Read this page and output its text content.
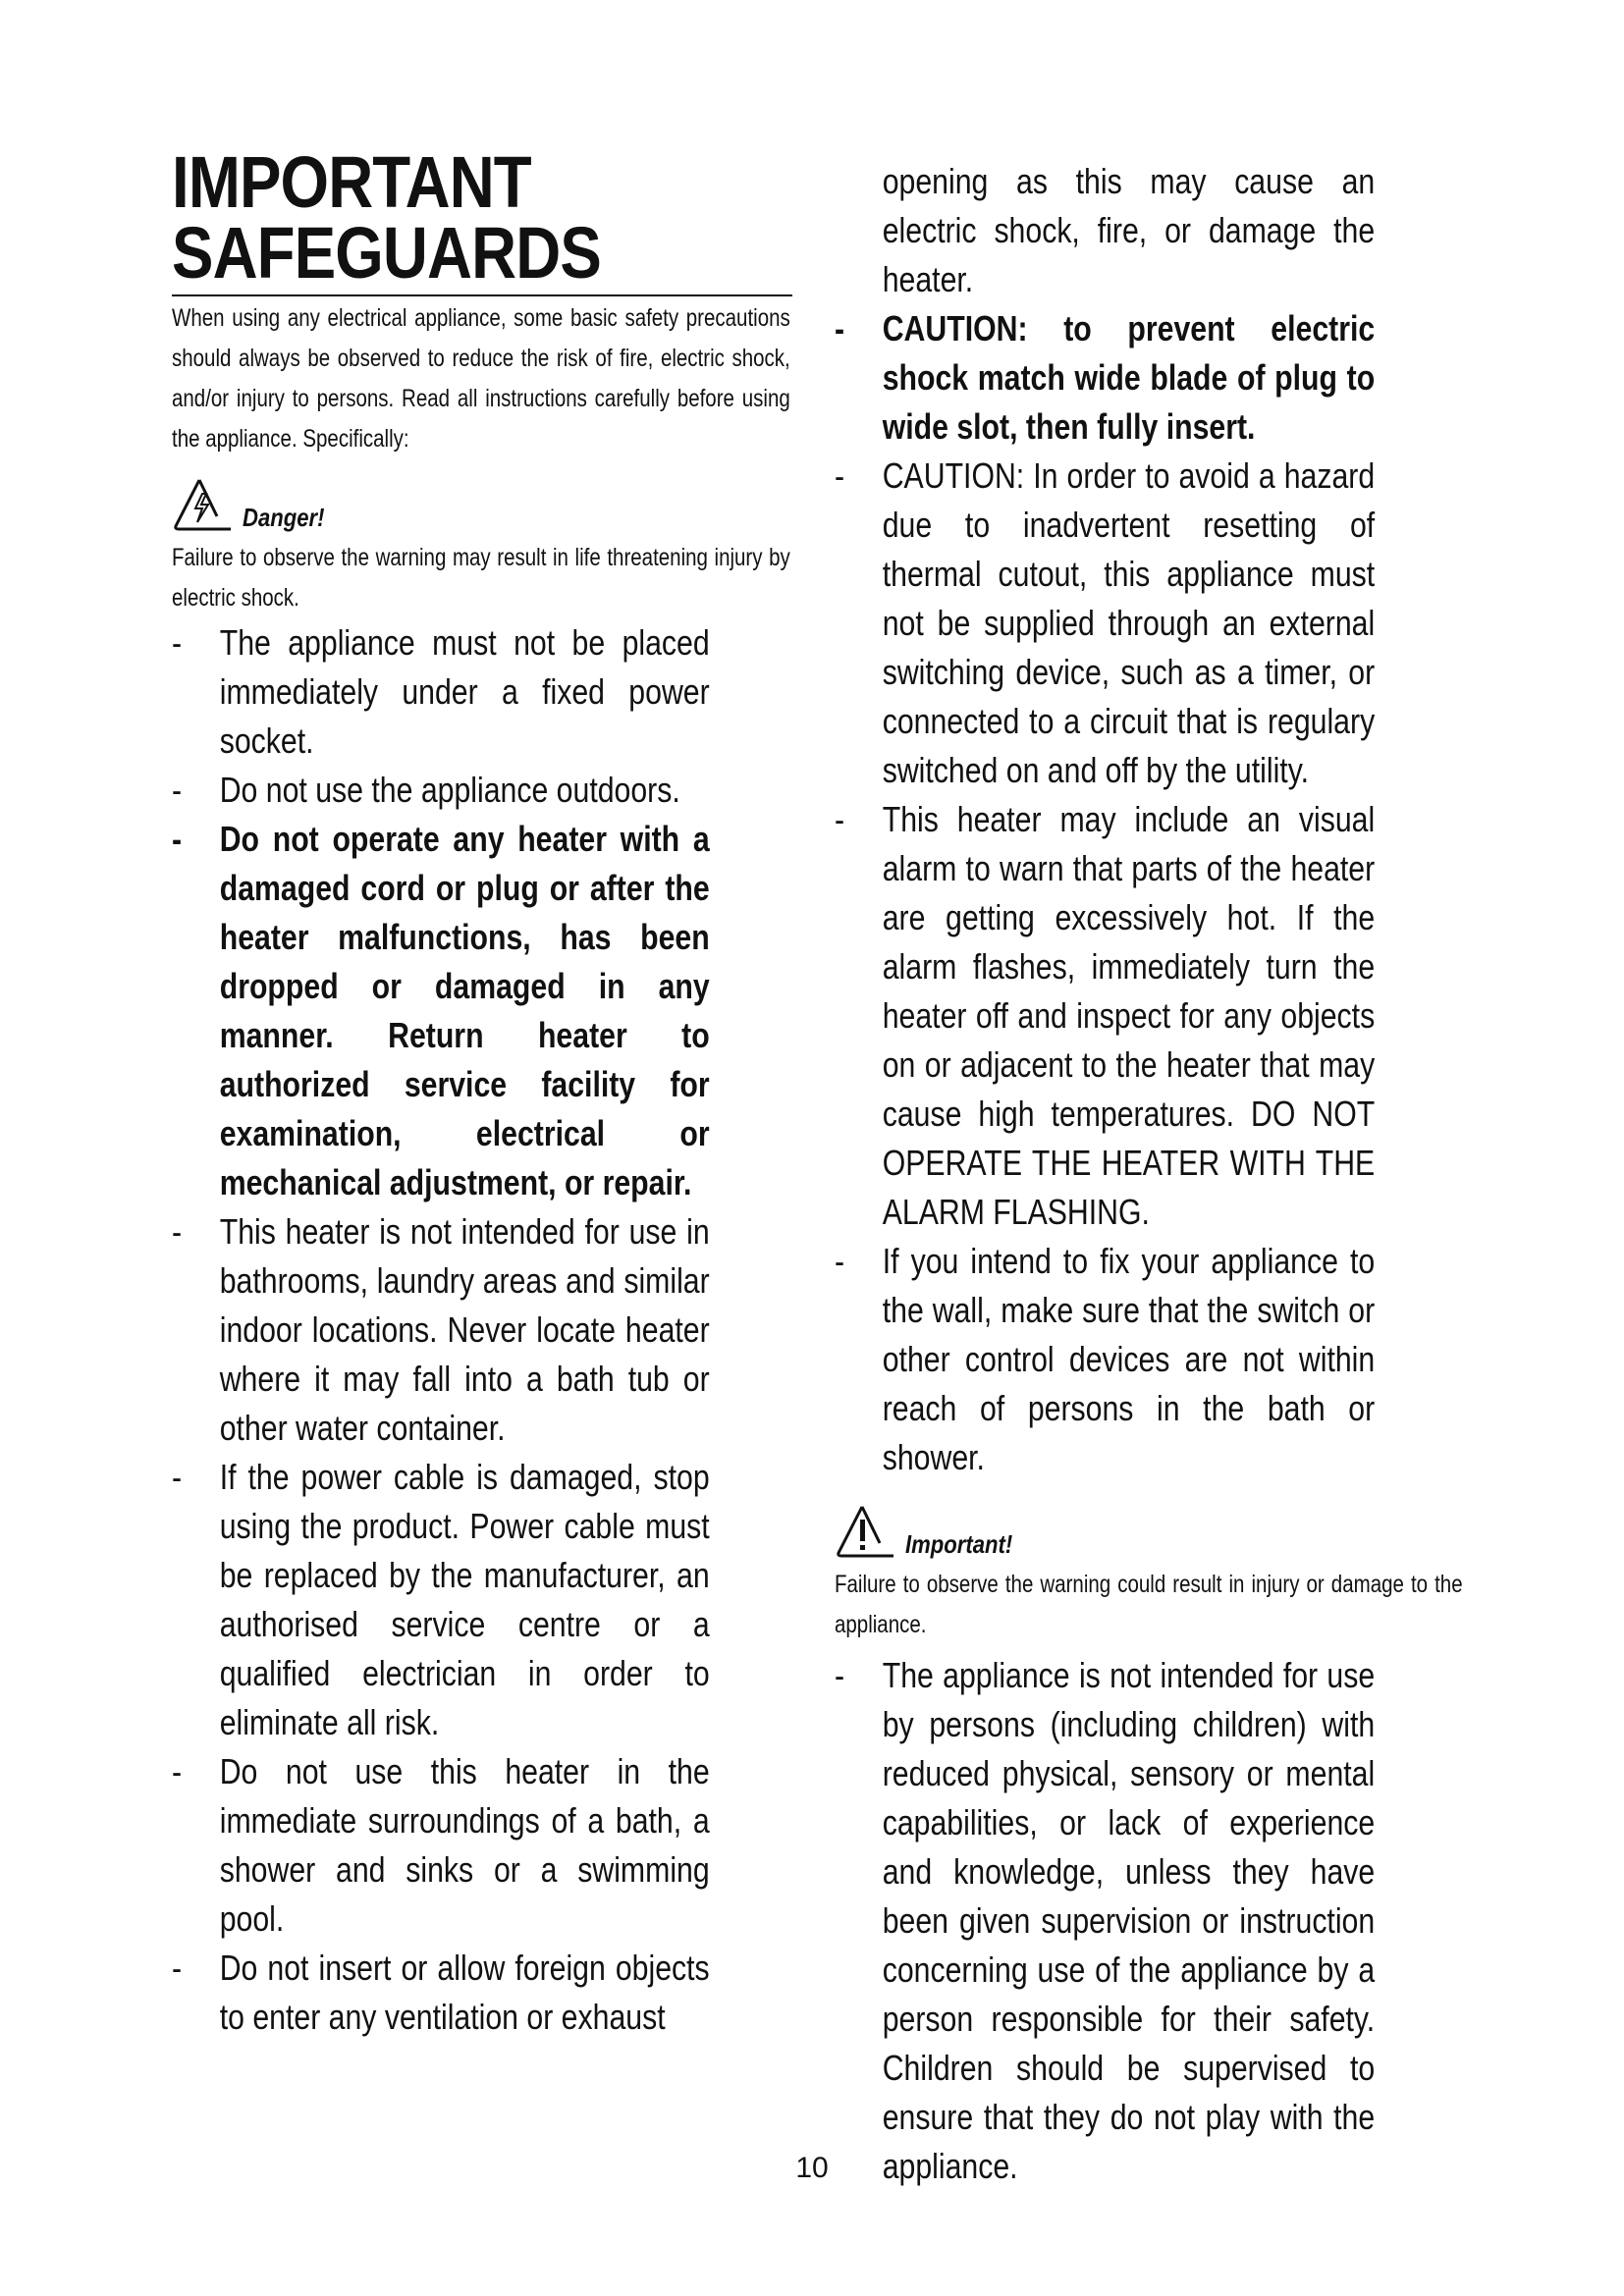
IMPORTANT
SAFEGUARDS
When using any electrical appliance, some basic safety precautions should always be observed to reduce the risk of fire, electric shock, and/or injury to persons. Read all instructions carefully before using the appliance. Specifically:
Danger!
Failure to observe the warning may result in life threatening injury by electric shock.
- The appliance must not be placed immediately under a fixed power socket.
- Do not use the appliance outdoors.
- Do not operate any heater with a damaged cord or plug or after the heater malfunctions, has been dropped or damaged in any manner. Return heater to authorized service facility for examination, electrical or mechanical adjustment, or repair.
- This heater is not intended for use in bathrooms, laundry areas and similar indoor locations. Never locate heater where it may fall into a bath tub or other water container.
- If the power cable is damaged, stop using the product. Power cable must be replaced by the manufacturer, an authorised service centre or a qualified electrician in order to eliminate all risk.
- Do not use this heater in the immediate surroundings of a bath, a shower and sinks or a swimming pool.
- Do not insert or allow foreign objects to enter any ventilation or exhaust
opening as this may cause an electric shock, fire, or damage the heater.
- CAUTION: to prevent electric shock match wide blade of plug to wide slot, then fully insert.
- CAUTION: In order to avoid a hazard due to inadvertent resetting of thermal cutout, this appliance must not be supplied through an external switching device, such as a timer, or connected to a circuit that is regulary switched on and off by the utility.
- This heater may include an visual alarm to warn that parts of the heater are getting excessively hot. If the alarm flashes, immediately turn the heater off and inspect for any objects on or adjacent to the heater that may cause high temperatures. DO NOT OPERATE THE HEATER WITH THE ALARM FLASHING.
- If you intend to fix your appliance to the wall, make sure that the switch or other control devices are not within reach of persons in the bath or shower.
Important!
Failure to observe the warning could result in injury or damage to the appliance.
- The appliance is not intended for use by persons (including children) with reduced physical, sensory or mental capabilities, or lack of experience and knowledge, unless they have been given supervision or instruction concerning use of the appliance by a person responsible for their safety. Children should be supervised to ensure that they do not play with the appliance.
10
